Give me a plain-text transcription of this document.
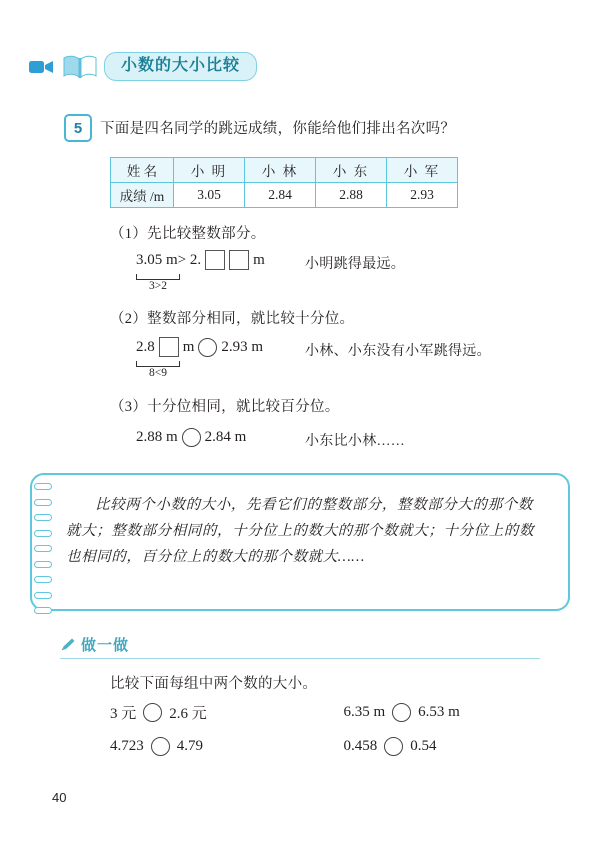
小数的大小比较
5	下面是四名同学的跳远成绩，你能给他们排出名次吗？
姓 名	小 明	小 林	小 东	小 军
成绩 /m	3.05	2.84	2.88	2.93
（1）先比较整数部分。
3.05 m> 2.	m
3>2
小明跳得最远。
（2）整数部分相同，就比较十分位。
2.8 m 2.93 m
8<9
小林、小东没有小军跳得远。
（3）十分位相同，就比较百分位。
2.88 m 2.84 m	小东比小林……

比较两个小数的大小，先看它们的整数部分，整数部分大的那个数就大；整数部分相同的，十分位上的数大的那个数就大；十分位上的数也相同的，百分位上的数大的那个数就大……

做一做
比较下面每组中两个数的大小。
3 元 2.6 元	6.35 m 6.53 m
4.723 4.79	0.458 0.54
40
